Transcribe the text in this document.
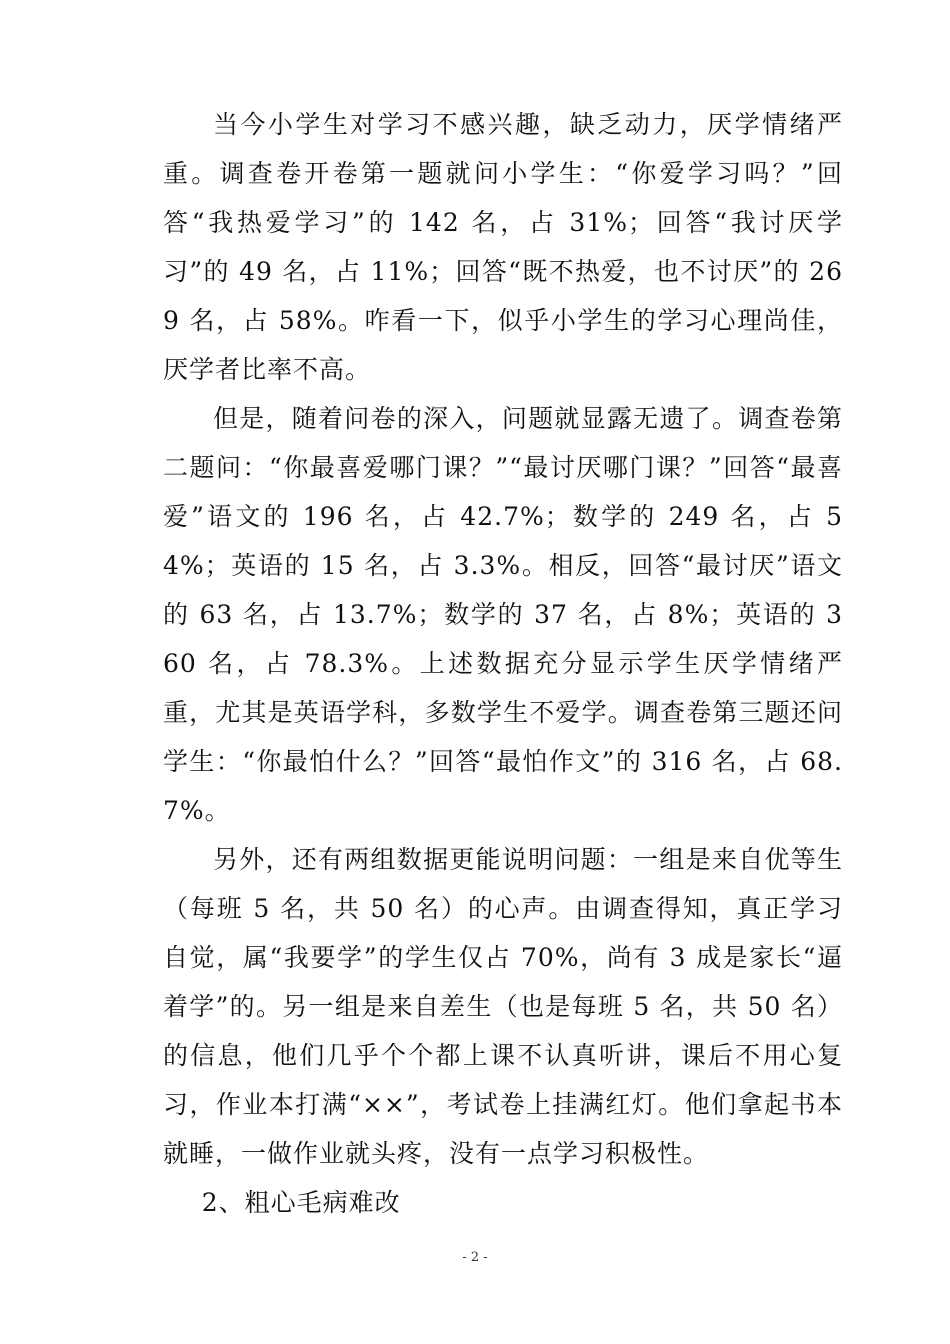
当今小学生对学习不感兴趣，缺乏动力，厌学情绪严重。调查卷开卷第一题就问小学生：“你爱学习吗？”回答“我热爱学习”的 142 名，占 31%；回答“我讨厌学习”的 49 名，占 11%；回答“既不热爱，也不讨厌”的 269 名，占 58%。咋看一下，似乎小学生的学习心理尚佳，厌学者比率不高。

但是，随着问卷的深入，问题就显露无遗了。调查卷第二题问：“你最喜爱哪门课？”“最讨厌哪门课？”回答“最喜爱”语文的 196 名，占 42.7%；数学的 249 名，占 54%；英语的 15 名，占 3.3%。相反，回答“最讨厌”语文的 63 名，占 13.7%；数学的 37 名，占 8%；英语的 360 名，占 78.3%。上述数据充分显示学生厌学情绪严重，尤其是英语学科，多数学生不爱学。调查卷第三题还问学生：“你最怕什么？”回答“最怕作文”的 316 名，占 68.7%。

另外，还有两组数据更能说明问题：一组是来自优等生（每班 5 名，共 50 名）的心声。由调查得知，真正学习自觉，属“我要学”的学生仅占 70%，尚有 3 成是家长“逼着学”的。另一组是来自差生（也是每班 5 名，共 50 名）的信息，他们几乎个个都上课不认真听讲，课后不用心复习，作业本打满“××”，考试卷上挂满红灯。他们拿起书本就睡，一做作业就头疼，没有一点学习积极性。

2、粗心毛病难改

- 2 -
